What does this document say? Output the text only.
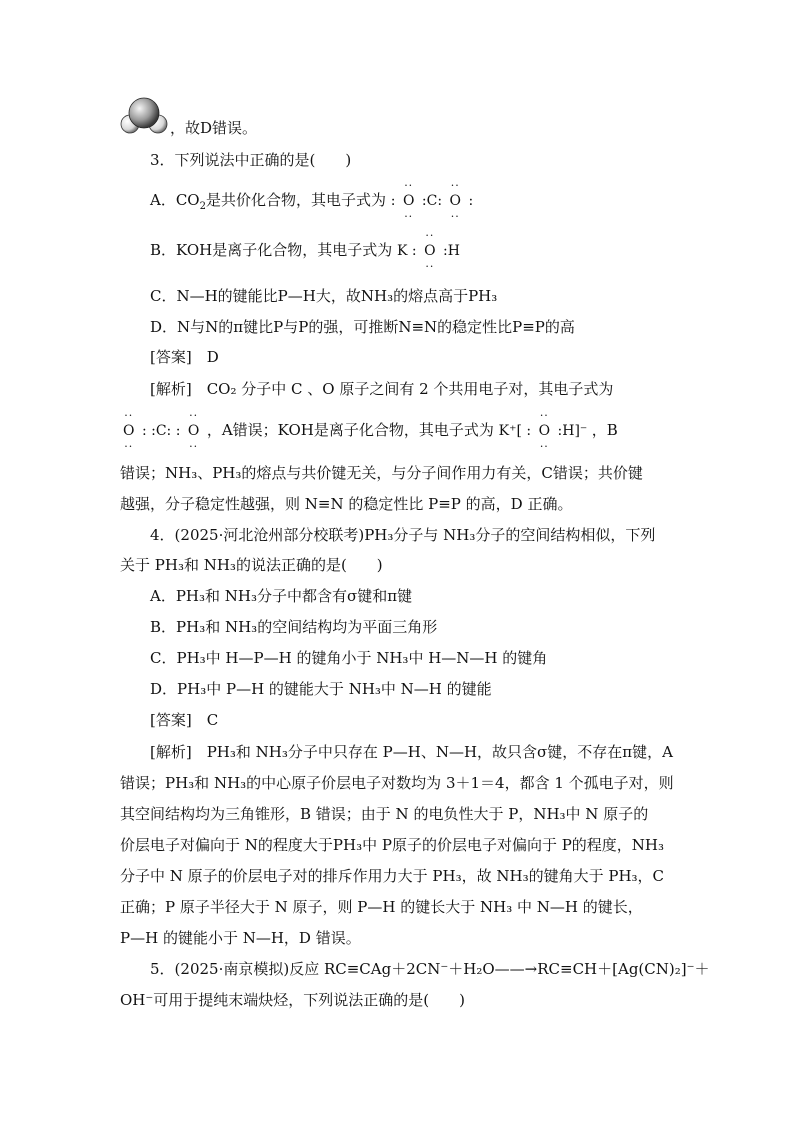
，故D错误。
3．下列说法中正确的是(　　)
A．$CO_2$是共价化合物，其电子式为 :
··
O
··
:C:
··
O
··
:
B．KOH是离子化合物，其电子式为 K :
··
O
··
:H
C．N—H的键能比P—H大，故NH₃的熔点高于PH₃
D．N与N的π键比P与P的强，可推断N≡N的稳定性比P≡P的高
[答案]　D
[解析]　CO₂ 分子中 C 、O 原子之间有 2 个共用电子对，其电子式为
··
O
··
: :C: :
··
O
··
，A错误；KOH是离子化合物，其电子式为 K⁺[ :
··
O
··
:H]⁻ ，B
错误；NH₃、PH₃的熔点与共价键无关，与分子间作用力有关，C错误；共价键
越强，分子稳定性越强，则 N≡N 的稳定性比 P≡P 的高，D 正确。
4．(2025·河北沧州部分校联考)PH₃分子与 NH₃分子的空间结构相似，下列
关于 PH₃和 NH₃的说法正确的是(　　)
A．PH₃和 NH₃分子中都含有σ键和π键
B．PH₃和 NH₃的空间结构均为平面三角形
C．PH₃中 H—P—H 的键角小于 NH₃中 H—N—H 的键角
D．PH₃中 P—H 的键能大于 NH₃中 N—H 的键能
[答案]　C
[解析]　PH₃和 NH₃分子中只存在 P—H、N—H，故只含σ键，不存在π键，A
错误；PH₃和 NH₃的中心原子价层电子对数均为 3＋1＝4，都含 1 个孤电子对，则
其空间结构均为三角锥形，B 错误；由于 N 的电负性大于 P，NH₃中 N 原子的
价层电子对偏向于 N的程度大于PH₃中 P原子的价层电子对偏向于 P的程度，NH₃
分子中 N 原子的价层电子对的排斥作用力大于 PH₃，故 NH₃的键角大于 PH₃，C
正确；P 原子半径大于 N 原子，则 P—H 的键长大于 NH₃ 中 N—H 的键长，
P—H 的键能小于 N—H，D 错误。
5．(2025·南京模拟)反应 RC≡CAg＋2CN⁻＋H₂O——→RC≡CH＋[Ag(CN)₂]⁻＋
OH⁻可用于提纯末端炔烃，下列说法正确的是(　　)
